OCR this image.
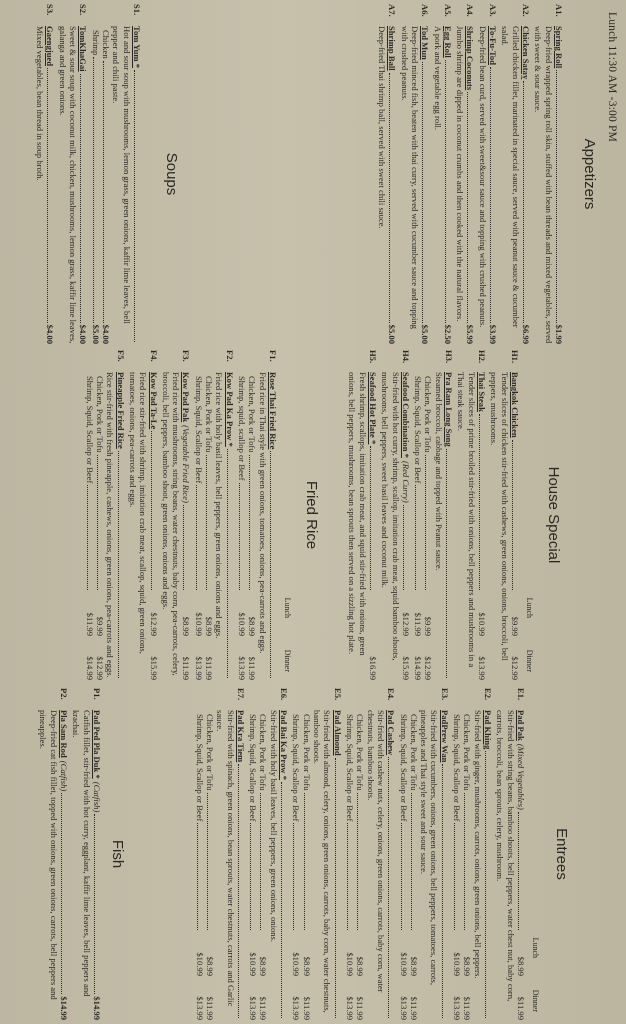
Lunch 11:30 AM -3:00 PM
Appetizers
A1.
Spring Roll
$1.99

Deep-fried wrapped spring roll skin, stuffed with bean threads and mixed vegetables, served with sweet & sour sauce.

A2.
Chicken Satay
$6.99

Grilled chicken fillet, marinated in special sauce, served with peanut sauce & cucumber salad.

A3.
To-Fu-Tod
$3.99

Deep-fried bean curd, served with sweet&sour sauce and topping with crushed peanuts.

A4.
Shrimp Coconuts
$5.99

Jumbo shrimp are dipped in coconut crumbs and then cooked with the natural flavors.

A5.
Egg Roll
$2.50

A pork and vegetable egg roll.

A6.
Tod Mun
$5.00

Deep-fried minced fish, beaten with thai curry, served with cucumber sauce and topping with crushed peanuts.

A7.
Shrimp Ball
$5.00

Deep-fried Thai shrimp ball, served with sweet chili sauce.

Soups
S1.
Tom Yum *

Hot and sour soup with mushrooms, lemon grass, green onions, kaffir lime leaves, bell pepper and chili paste.

Chicken
$4.00
Shrimp
$5.00
S2.
TomKhaGai
$4.00

Sweet & sour soup with coconut milk, chicken, mushrooms, lemon grass, kaffir lime leaves, galanga and green onions.

S3.
Gaengjued
$4.00

Mixed vegetables, bean thread in soup broth.

House Special
Lunch
Dinner
H1.
Bangkok Chicken
$9.99
$12.99

Tender slices of chicken stir-fried with cashews, green onions, onions, broccoli, bell peppers, mushrooms.

H2.
Thai Steak
$10.99
$13.99

Tender slices of prime broiled stir-fried with onions, bell peppers and mushrooms in a Thai steak sauce.

H3.
Pra Ram Long Song

Steamed broccoli, cabbage and topped with Peanut sauce.

Chicken, Pork or Tofu
$9.99
$12.99
Shrimp, Squid, Scallop or Beef
$11.99
$14.99
H4.
Seafood Combination *
(Red Curry)
$12.99
$15.99

Stir-fried with hot curry, shrimp, scallop, imitation crab meat, squid bamboo shoots, mushrooms, bell peppers, sweet basil leaves and coconut milk.

H5.
Seafood Hot Plate *
$16.99

Fresh shrimp, scallops, imitation crab meat, and squid stir-fried with onions, green onions, bell peppers, mushrooms, bean sprouts then served on a sizzling hot plate.

Fried Rice
Lunch
Dinner
F1.
Rose Thai Fried Rice

Fried rice in Thai style with green onions, tomatoes, onions, pea-carrots and eggs.

Chicken, Pork or Tofu
$8.99
$11.99
Shrimp, squid, scallop or Beef
$10.99
$13.99
F2.
Kow Pad Ka Prow *

Fried rice with holy basil leaves, bell peppers, green onions, onions and eggs.

Chicken, Pork or Tofu
$8.99
$11.99
Shrimp, Squid, Scallop or Beef
$10.99
$13.99
F3.
Kow Pad Pak
(Vegetable Fried Rice)
$8.99
$11.99

Fried rice with mushrooms, string beans, water chestnuts, baby corn, pea-carrots, celery, broccoli, bell peppers, bamboo shoot, green onions, onions and eggs.

F4.
Kow Pad Ta-Le
$12.99
$15.99

Fried rice stir-fried with shrimp, imitation crab meat, scallop, squid, green onions, tomatoes, onions, pea-carrots and eggs.

F5.
Pineapple Fried Rice

Rice stir-fried with fresh pineapple, cashews, onions, green onions, pea-carrots and eggs.

Chicken, Pork or Tofu
$9.99
$12.99
Shrimp, Squid, Scallop or Beef
$11.99
$14.99
Entrees
Lunch
Dinner
E1.
Pad Pak
(Mixed Vegetables)
$8.99
$11.99

Stir-fried with string beans, bamboo shoots, bell peppers, water chest nut, baby corn, carrots, broccoli, bean sprouts, celery, mushroom.

E2.
Pad Khing

Stir-fried with ginger, mushrooms, carrots, onions, green onions, bell peppers.

Chicken, Pork or Tofu
$8.99
$11.99
Shrimp, Squid, Scallop or Beef
$10.99
$13.99
E3.
PadPrew Wan

Stir-fried with cucumbers, onions, green onions, bell peppers, tomatoes, carrots, pineapples and Thai style sweet and sour sauce.

Chicken, Pork or Tofu
$8.99
$11.99
Shrimp, Squid, Scallop or Beef
$10.99
$13.99
E4.
Pad Cashew

Stir-fried with cashew nuts, celery, onions, green onions, carrots, baby corn, water chestnuts, bamboo shoots.

Chicken, Pork or Tofu
$8.99
$11.99
Shrimp, Squid, Scallop or Beef
$10.99
$13.99
E5.
Pad Almond

Stir-fried with almond, celery, onions, green onions, carrots, baby corn, water chestnuts, bamboo shoots.

Chicken, Pork or Tofu
$8.99
$11.99
Shrimp, Squid, Scallop or Beef
$10.99
$13.99
E6.
Pad Bai Ka Prow *

Stir-fried with holy basil leaves, bell peppers, green onions, onions.

Chicken, Pork or Tofu
$8.99
$11.99
Shrimp, Squid, Scallop or Beef
$10.99
$13.99
E7.
Pad Kra Tiem

Stir-fried with spinach, green onions, bean sprouts, water chestnuts, carrots and Garlic sauce.

Chicken, Pork or Tofu
$8.99
$11.99
Shrimp, Squid, Scallop or Beef
$10.99
$13.99
Fish
P1.
Pad Ped Pla Duk *
(Catfish)
$14.99

Catfish fillet, stir-fried with hot curry, eggplant, kaffir lime leaves, bell peppers and krachai.

P2.
Pla Sam Rod
(Catfish)
$14.99

Deep-fried cat fish fillet, topped with onions, green onions, carrots, bell peppers and pineapples.
